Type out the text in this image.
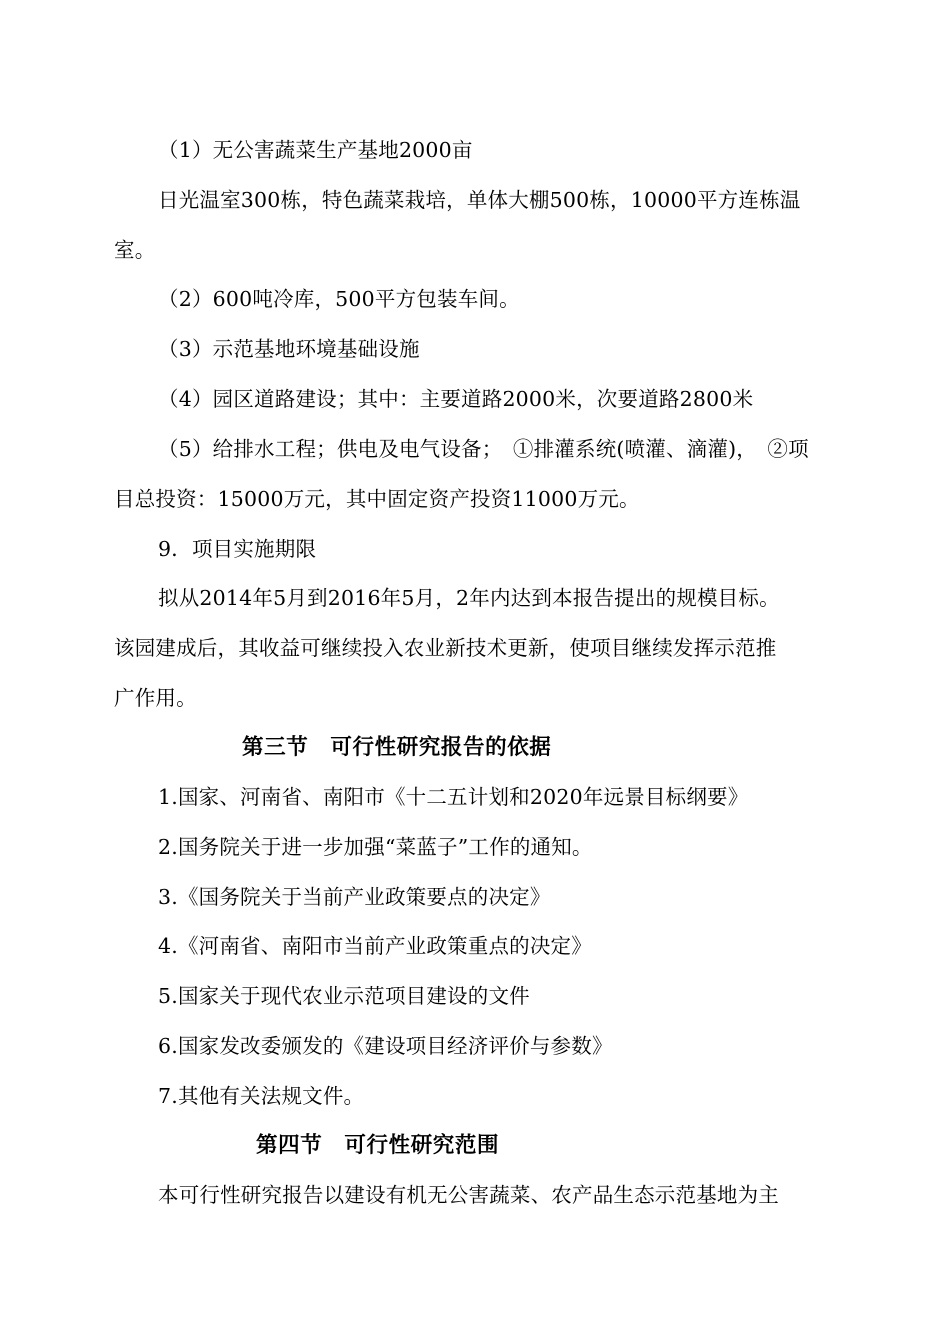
（1）无公害蔬菜生产基地2000亩
日光温室300栋，特色蔬菜栽培，单体大棚500栋，10000平方连栋温
室。
（2）600吨冷库，500平方包装车间。
（3）示范基地环境基础设施
（4）园区道路建设；其中：主要道路2000米，次要道路2800米
（5）给排水工程；供电及电气设备；　①排灌系统(喷灌、滴灌)，　②项
目总投资：15000万元，其中固定资产投资11000万元。
9．项目实施期限
拟从2014年5月到2016年5月，2年内达到本报告提出的规模目标。
该园建成后，其收益可继续投入农业新技术更新，使项目继续发挥示范推
广作用。
第三节　可行性研究报告的依据
1.国家、河南省、南阳市《十二五计划和2020年远景目标纲要》
2.国务院关于进一步加强“菜蓝子”工作的通知。
3.《国务院关于当前产业政策要点的决定》
4.《河南省、南阳市当前产业政策重点的决定》
5.国家关于现代农业示范项目建设的文件
6.国家发改委颁发的《建设项目经济评价与参数》
7.其他有关法规文件。
第四节　可行性研究范围
本可行性研究报告以建设有机无公害蔬菜、农产品生态示范基地为主
